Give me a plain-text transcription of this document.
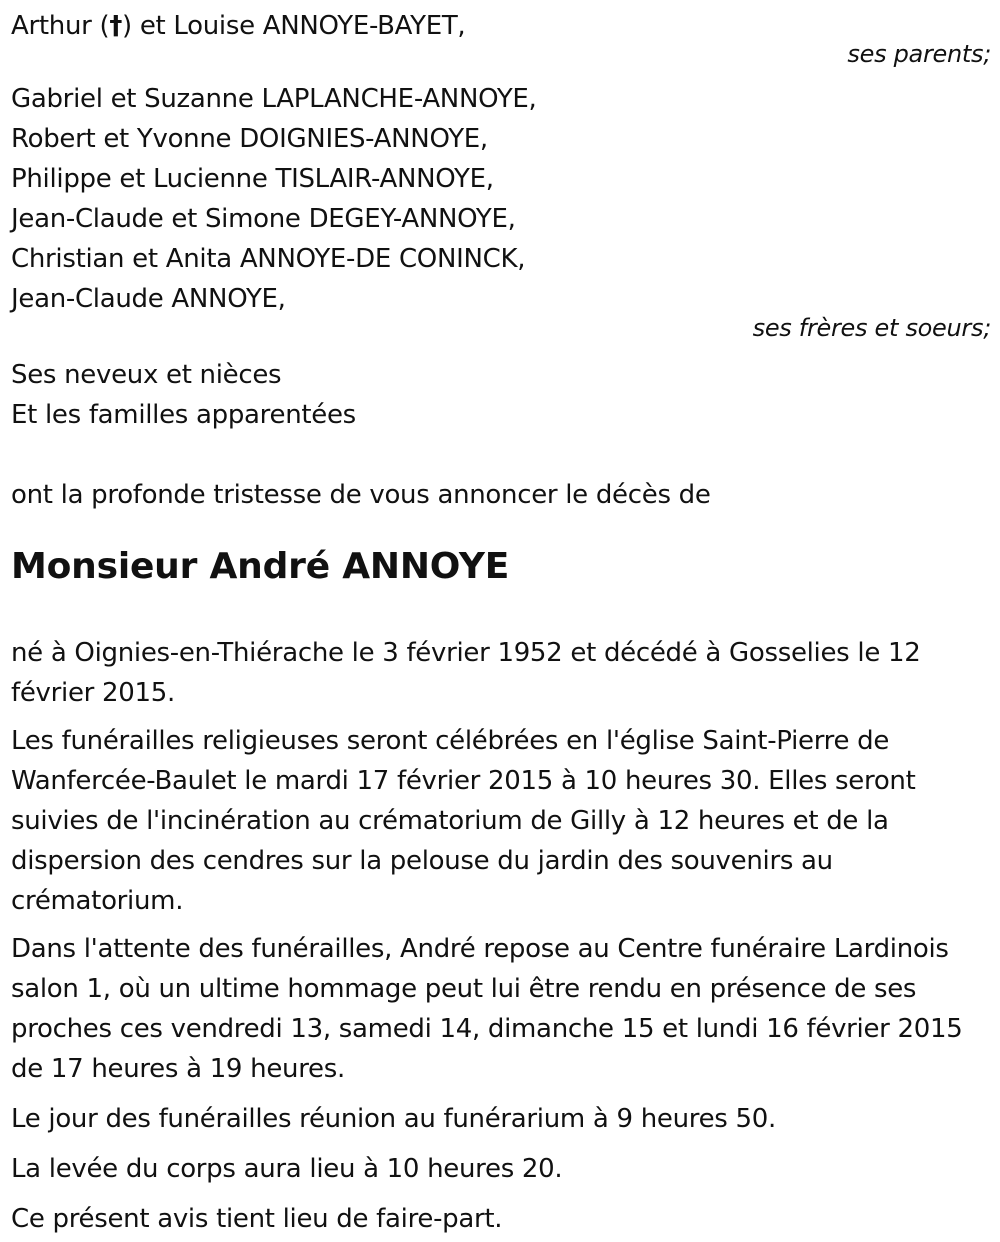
Arthur (†) et Louise ANNOYE-BAYET,
ses parents;
Gabriel et Suzanne LAPLANCHE-ANNOYE,
Robert et Yvonne DOIGNIES-ANNOYE,
Philippe et Lucienne TISLAIR-ANNOYE,
Jean-Claude et Simone DEGEY-ANNOYE,
Christian et Anita ANNOYE-DE CONINCK,
Jean-Claude ANNOYE,
ses frères et soeurs;
Ses neveux et nièces
Et les familles apparentées
ont la profonde tristesse de vous annoncer le décès de
Monsieur André ANNOYE

né à Oignies-en-Thiérache le 3 février 1952 et décédé à Gosselies le 12 février 2015.

Les funérailles religieuses seront célébrées en l'église Saint-Pierre de Wanfercée-Baulet le mardi 17 février 2015 à 10 heures 30. Elles seront suivies de l'incinération au crématorium de Gilly à 12 heures et de la dispersion des cendres sur la pelouse du jardin des souvenirs au crématorium.

Dans l'attente des funérailles, André repose au Centre funéraire Lardinois salon 1, où un ultime hommage peut lui être rendu en présence de ses proches ces vendredi 13, samedi 14, dimanche 15 et lundi 16 février 2015 de 17 heures à 19 heures.

Le jour des funérailles réunion au funérarium à 9 heures 50.

La levée du corps aura lieu à 10 heures 20.

Ce présent avis tient lieu de faire-part.
